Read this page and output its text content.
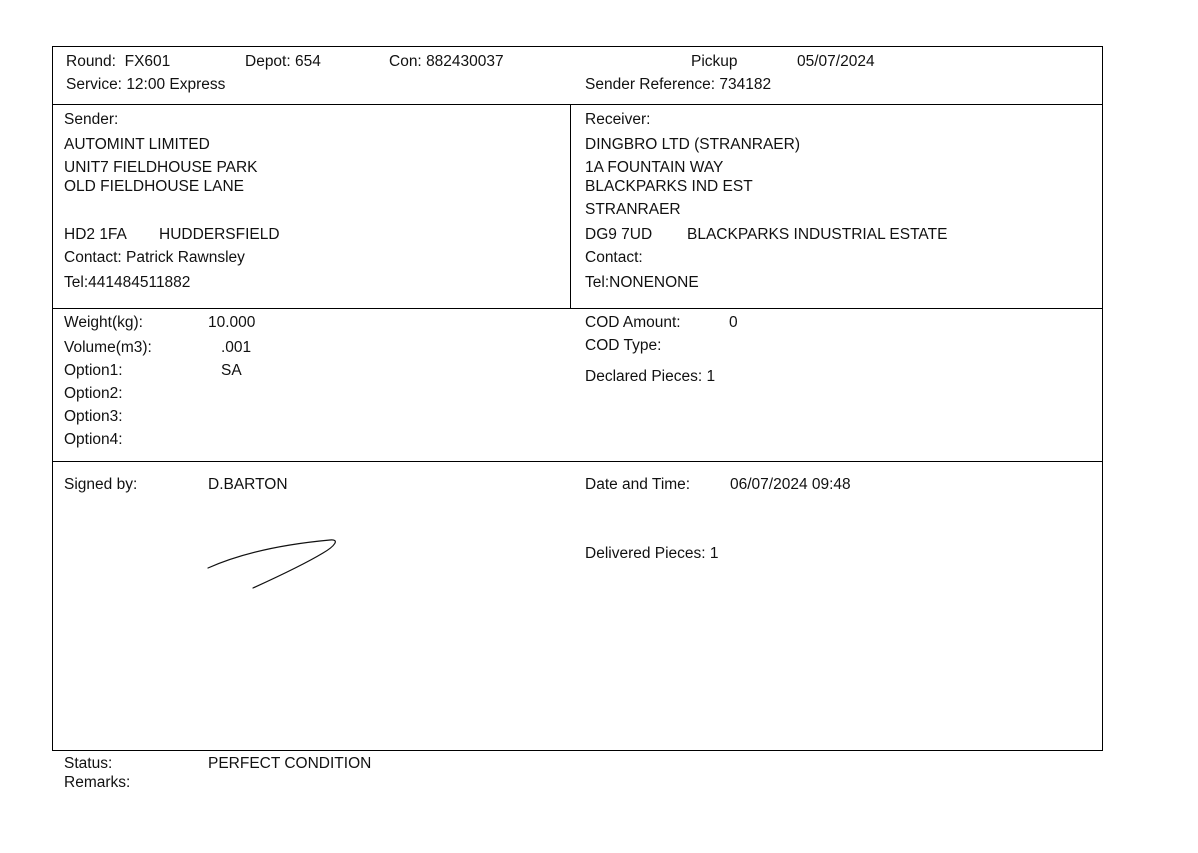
Round: FX601	Depot: 654	Con: 882430037	Pickup	05/07/2024
Service: 12:00 Express	Sender Reference: 734182
Sender:
AUTOMINT LIMITED
UNIT7 FIELDHOUSE PARK
OLD FIELDHOUSE LANE
HD2 1FA HUDDERSFIELD
Contact: Patrick Rawnsley
Tel:441484511882
Receiver:
DINGBRO LTD (STRANRAER)
1A FOUNTAIN WAY
BLACKPARKS IND EST
STRANRAER
DG9 7UD BLACKPARKS INDUSTRIAL ESTATE
Contact:
Tel:NONENONE
Weight(kg):	10.000
Volume(m3):	.001
Option1:	SA
Option2:
Option3:
Option4:
COD Amount:	0
COD Type:
Declared Pieces: 1
Signed by:	D.BARTON	Date and Time:	06/07/2024 09:48
Delivered Pieces: 1
Status:	PERFECT CONDITION
Remarks:
